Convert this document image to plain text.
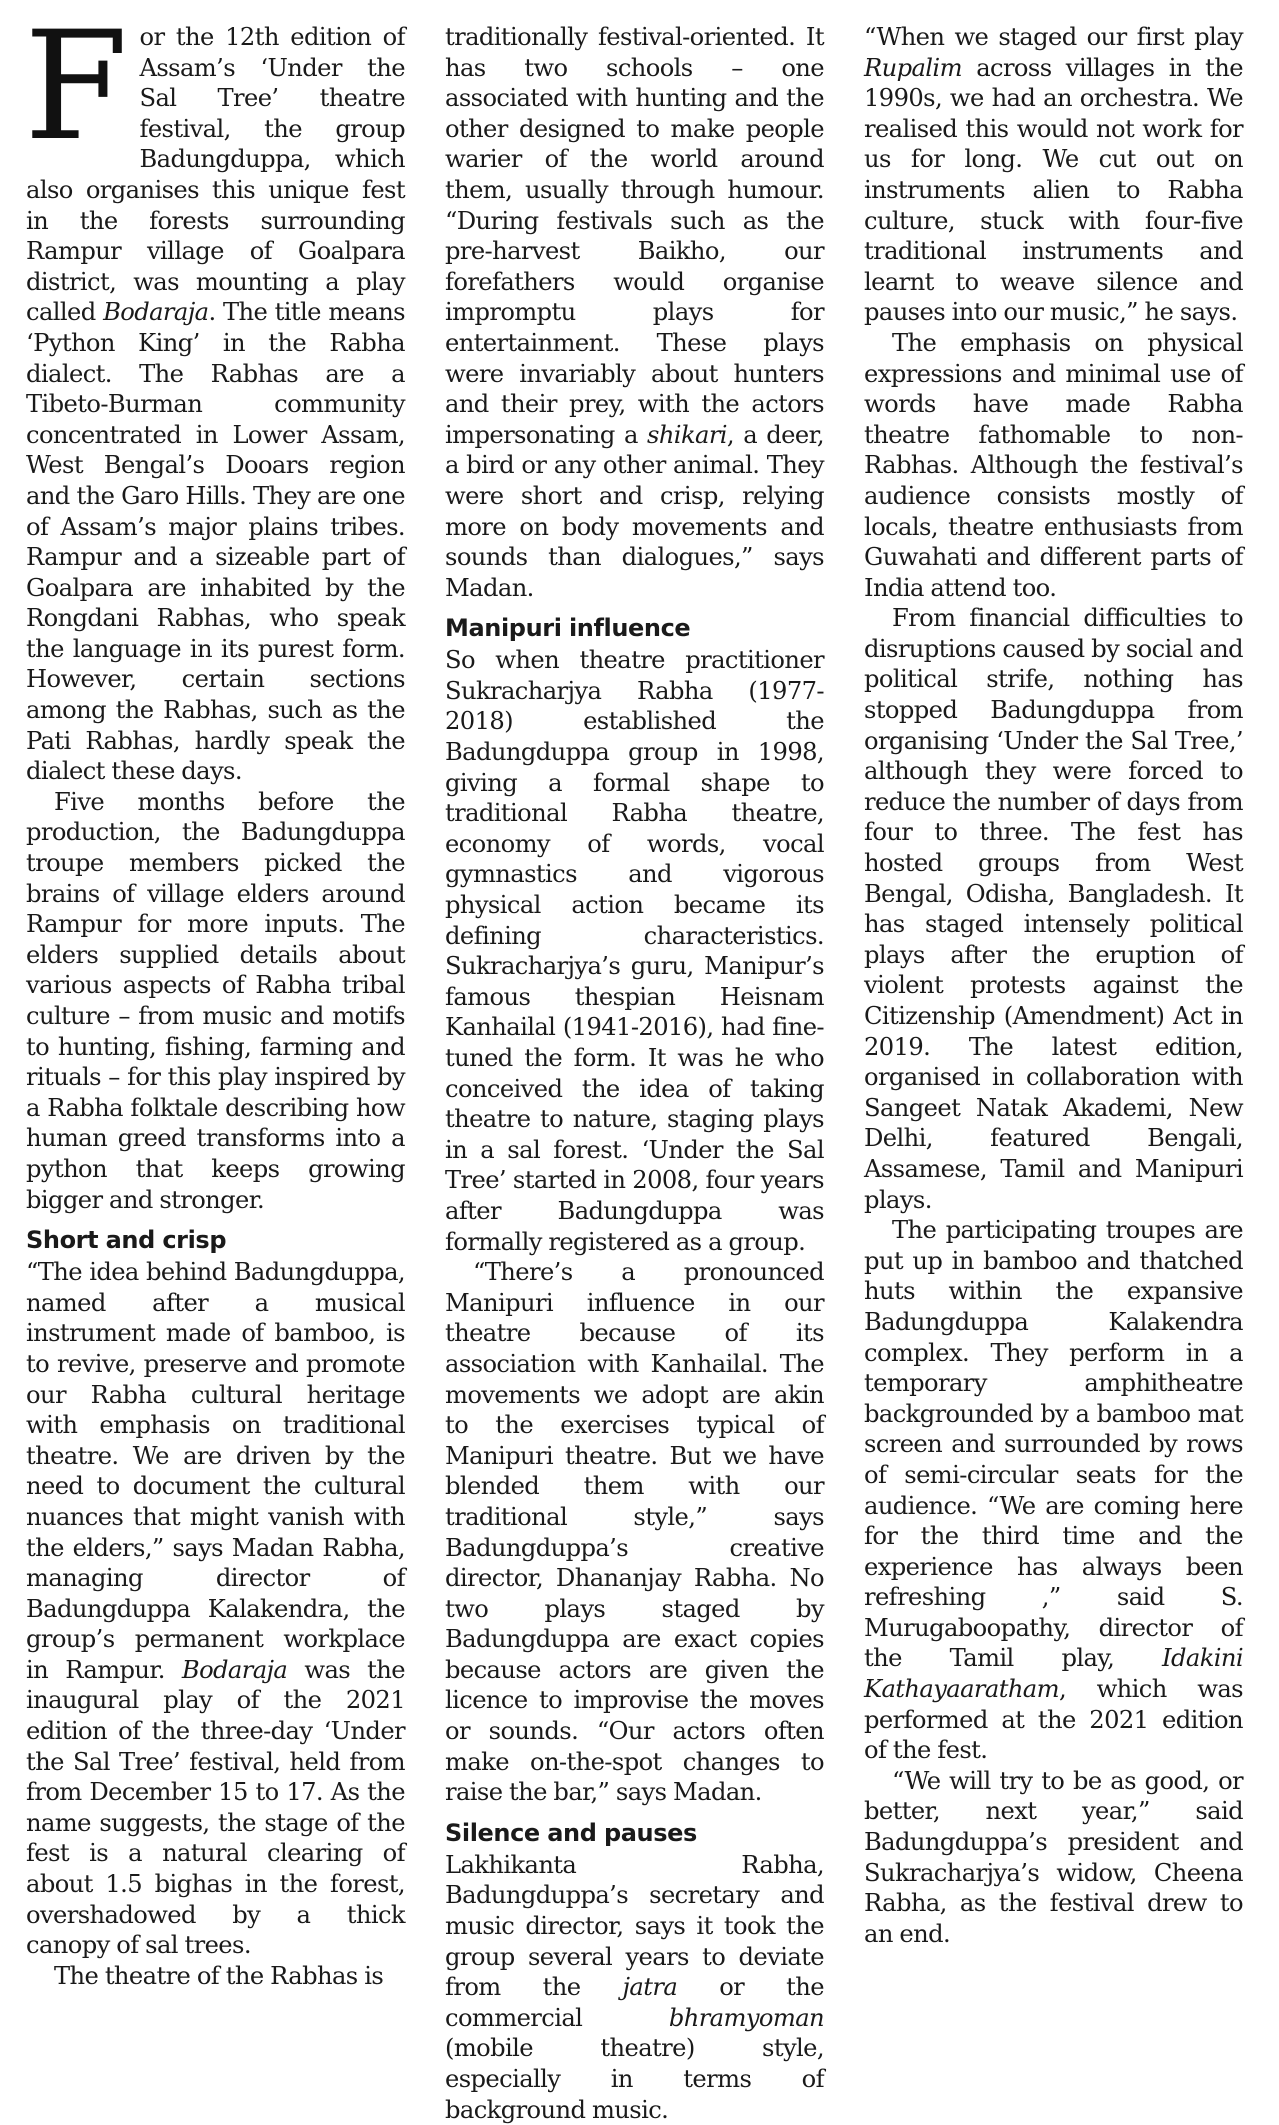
For the 12th edition of Assam’s ‘Under the Sal Tree’ theatre festival, the group Badungduppa, which also organises this unique fest in the forests surrounding Rampur village of Goalpara district, was mounting a play called Bodaraja. The title means ‘Python King’ in the Rabha dialect. The Rabhas are a Tibeto-Burman community concentrated in Lower Assam, West Bengal’s Dooars region and the Garo Hills. They are one of Assam’s major plains tribes. Rampur and a sizeable part of Goalpara are inhabited by the Rongdani Rabhas, who speak the language in its purest form. However, certain sections among the Rabhas, such as the Pati Rabhas, hardly speak the dialect these days.

Five months before the production, the Badungduppa troupe members picked the brains of village elders around Rampur for more inputs. The elders supplied details about various aspects of Rabha tribal culture – from music and motifs to hunting, fishing, farming and rituals – for this play inspired by a Rabha folktale describing how human greed transforms into a python that keeps growing bigger and stronger.

Short and crisp

“The idea behind Badungduppa, named after a musical instrument made of bamboo, is to revive, preserve and promote our Rabha cultural heritage with emphasis on traditional theatre. We are driven by the need to document the cultural nuances that might vanish with the elders,” says Madan Rabha, managing director of Badungduppa Kalakendra, the group’s permanent workplace in Rampur. Bodaraja was the inaugural play of the 2021 edition of the three-day ‘Under the Sal Tree’ festival, held from from December 15 to 17. As the name suggests, the stage of the fest is a natural clearing of about 1.5 bighas in the forest, overshadowed by a thick canopy of sal trees.

The theatre of the Rabhas is

traditionally festival-oriented. It has two schools – one associated with hunting and the other designed to make people warier of the world around them, usually through humour. “During festivals such as the pre-harvest Baikho, our forefathers would organise impromptu plays for entertainment. These plays were invariably about hunters and their prey, with the actors impersonating a shikari, a deer, a bird or any other animal. They were short and crisp, relying more on body movements and sounds than dialogues,” says Madan.

Manipuri influence

So when theatre practitioner Sukracharjya Rabha (1977-2018) established the Badungduppa group in 1998, giving a formal shape to traditional Rabha theatre, economy of words, vocal gymnastics and vigorous physical action became its defining characteristics. Sukracharjya’s guru, Manipur’s famous thespian Heisnam Kanhailal (1941-2016), had fine-tuned the form. It was he who conceived the idea of taking theatre to nature, staging plays in a sal forest. ‘Under the Sal Tree’ started in 2008, four years after Badungduppa was formally registered as a group.

“There’s a pronounced Manipuri influence in our theatre because of its association with Kanhailal. The movements we adopt are akin to the exercises typical of Manipuri theatre. But we have blended them with our traditional style,” says Badungduppa’s creative director, Dhananjay Rabha. No two plays staged by Badungduppa are exact copies because actors are given the licence to improvise the moves or sounds. “Our actors often make on-the-spot changes to raise the bar,” says Madan.

Silence and pauses

Lakhikanta Rabha, Badungduppa’s secretary and music director, says it took the group several years to deviate from the jatra or the commercial bhramyoman (mobile theatre) style, especially in terms of background music.

“When we staged our first play Rupalim across villages in the 1990s, we had an orchestra. We realised this would not work for us for long. We cut out on instruments alien to Rabha culture, stuck with four-five traditional instruments and learnt to weave silence and pauses into our music,” he says.

The emphasis on physical expressions and minimal use of words have made Rabha theatre fathomable to non-Rabhas. Although the festival’s audience consists mostly of locals, theatre enthusiasts from Guwahati and different parts of India attend too.

From financial difficulties to disruptions caused by social and political strife, nothing has stopped Badungduppa from organising ‘Under the Sal Tree,’ although they were forced to reduce the number of days from four to three. The fest has hosted groups from West Bengal, Odisha, Bangladesh. It has staged intensely political plays after the eruption of violent protests against the Citizenship (Amendment) Act in 2019. The latest edition, organised in collaboration with Sangeet Natak Akademi, New Delhi, featured Bengali, Assamese, Tamil and Manipuri plays.

The participating troupes are put up in bamboo and thatched huts within the expansive Badungduppa Kalakendra complex. They perform in a temporary amphitheatre backgrounded by a bamboo mat screen and surrounded by rows of semi-circular seats for the audience. “We are coming here for the third time and the experience has always been refreshing ,” said S. Murugaboopathy, director of the Tamil play, Idakini Kathayaaratham, which was performed at the 2021 edition of the fest.

“We will try to be as good, or better, next year,” said Badungduppa’s president and Sukracharjya’s widow, Cheena Rabha, as the festival drew to an end.
